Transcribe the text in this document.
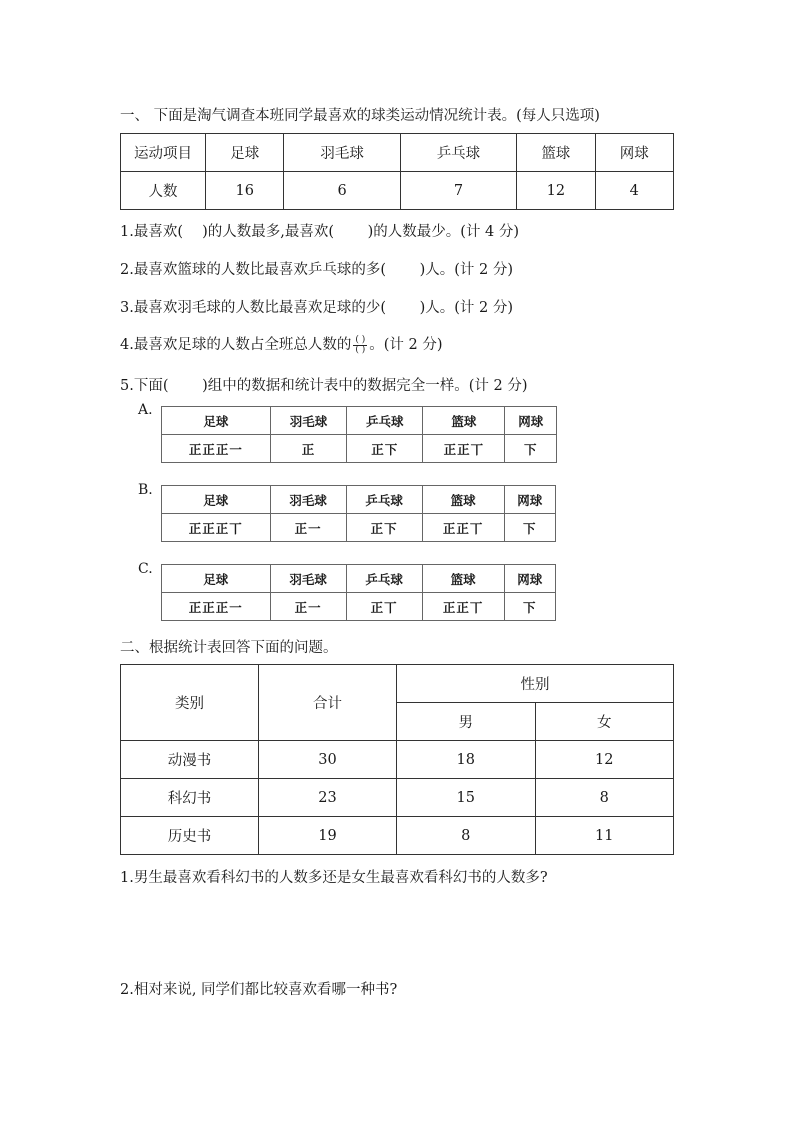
一、 下面是淘气调查本班同学最喜欢的球类运动情况统计表。(每人只选项)
运动项目	足球	羽毛球	乒乓球	篮球	网球
人数	16	6	7	12	4
1.最喜欢(　 )的人数最多,最喜欢(　 　)的人数最少。(计 4 分)
2.最喜欢篮球的人数比最喜欢乒乓球的多(　 　)人。(计 2 分)
3.最喜欢羽毛球的人数比最喜欢足球的少(　 　)人。(计 2 分)
4.最喜欢足球的人数占全班总人数的 $\frac{( )}{( )}$ 。(计 2 分)
5.下面(　 　)组中的数据和统计表中的数据完全一样。(计 2 分)
A.
足球	羽毛球	乒乓球	篮球	网球
正正正一	正	正下	正正丅	下
B.
足球	羽毛球	乒乓球	篮球	网球
正正正丅	正一	正下	正正丅	下
C.
足球	羽毛球	乒乓球	篮球	网球
正正正一	正一	正丅	正正丅	下
二、根据统计表回答下面的问题。
类别	合计	性别	
		男	女
动漫书	30	18	12
科幻书	23	15	8
历史书	19	8	11
1.男生最喜欢看科幻书的人数多还是女生最喜欢看科幻书的人数多?
2.相对来说, 同学们都比较喜欢看哪一种书?
